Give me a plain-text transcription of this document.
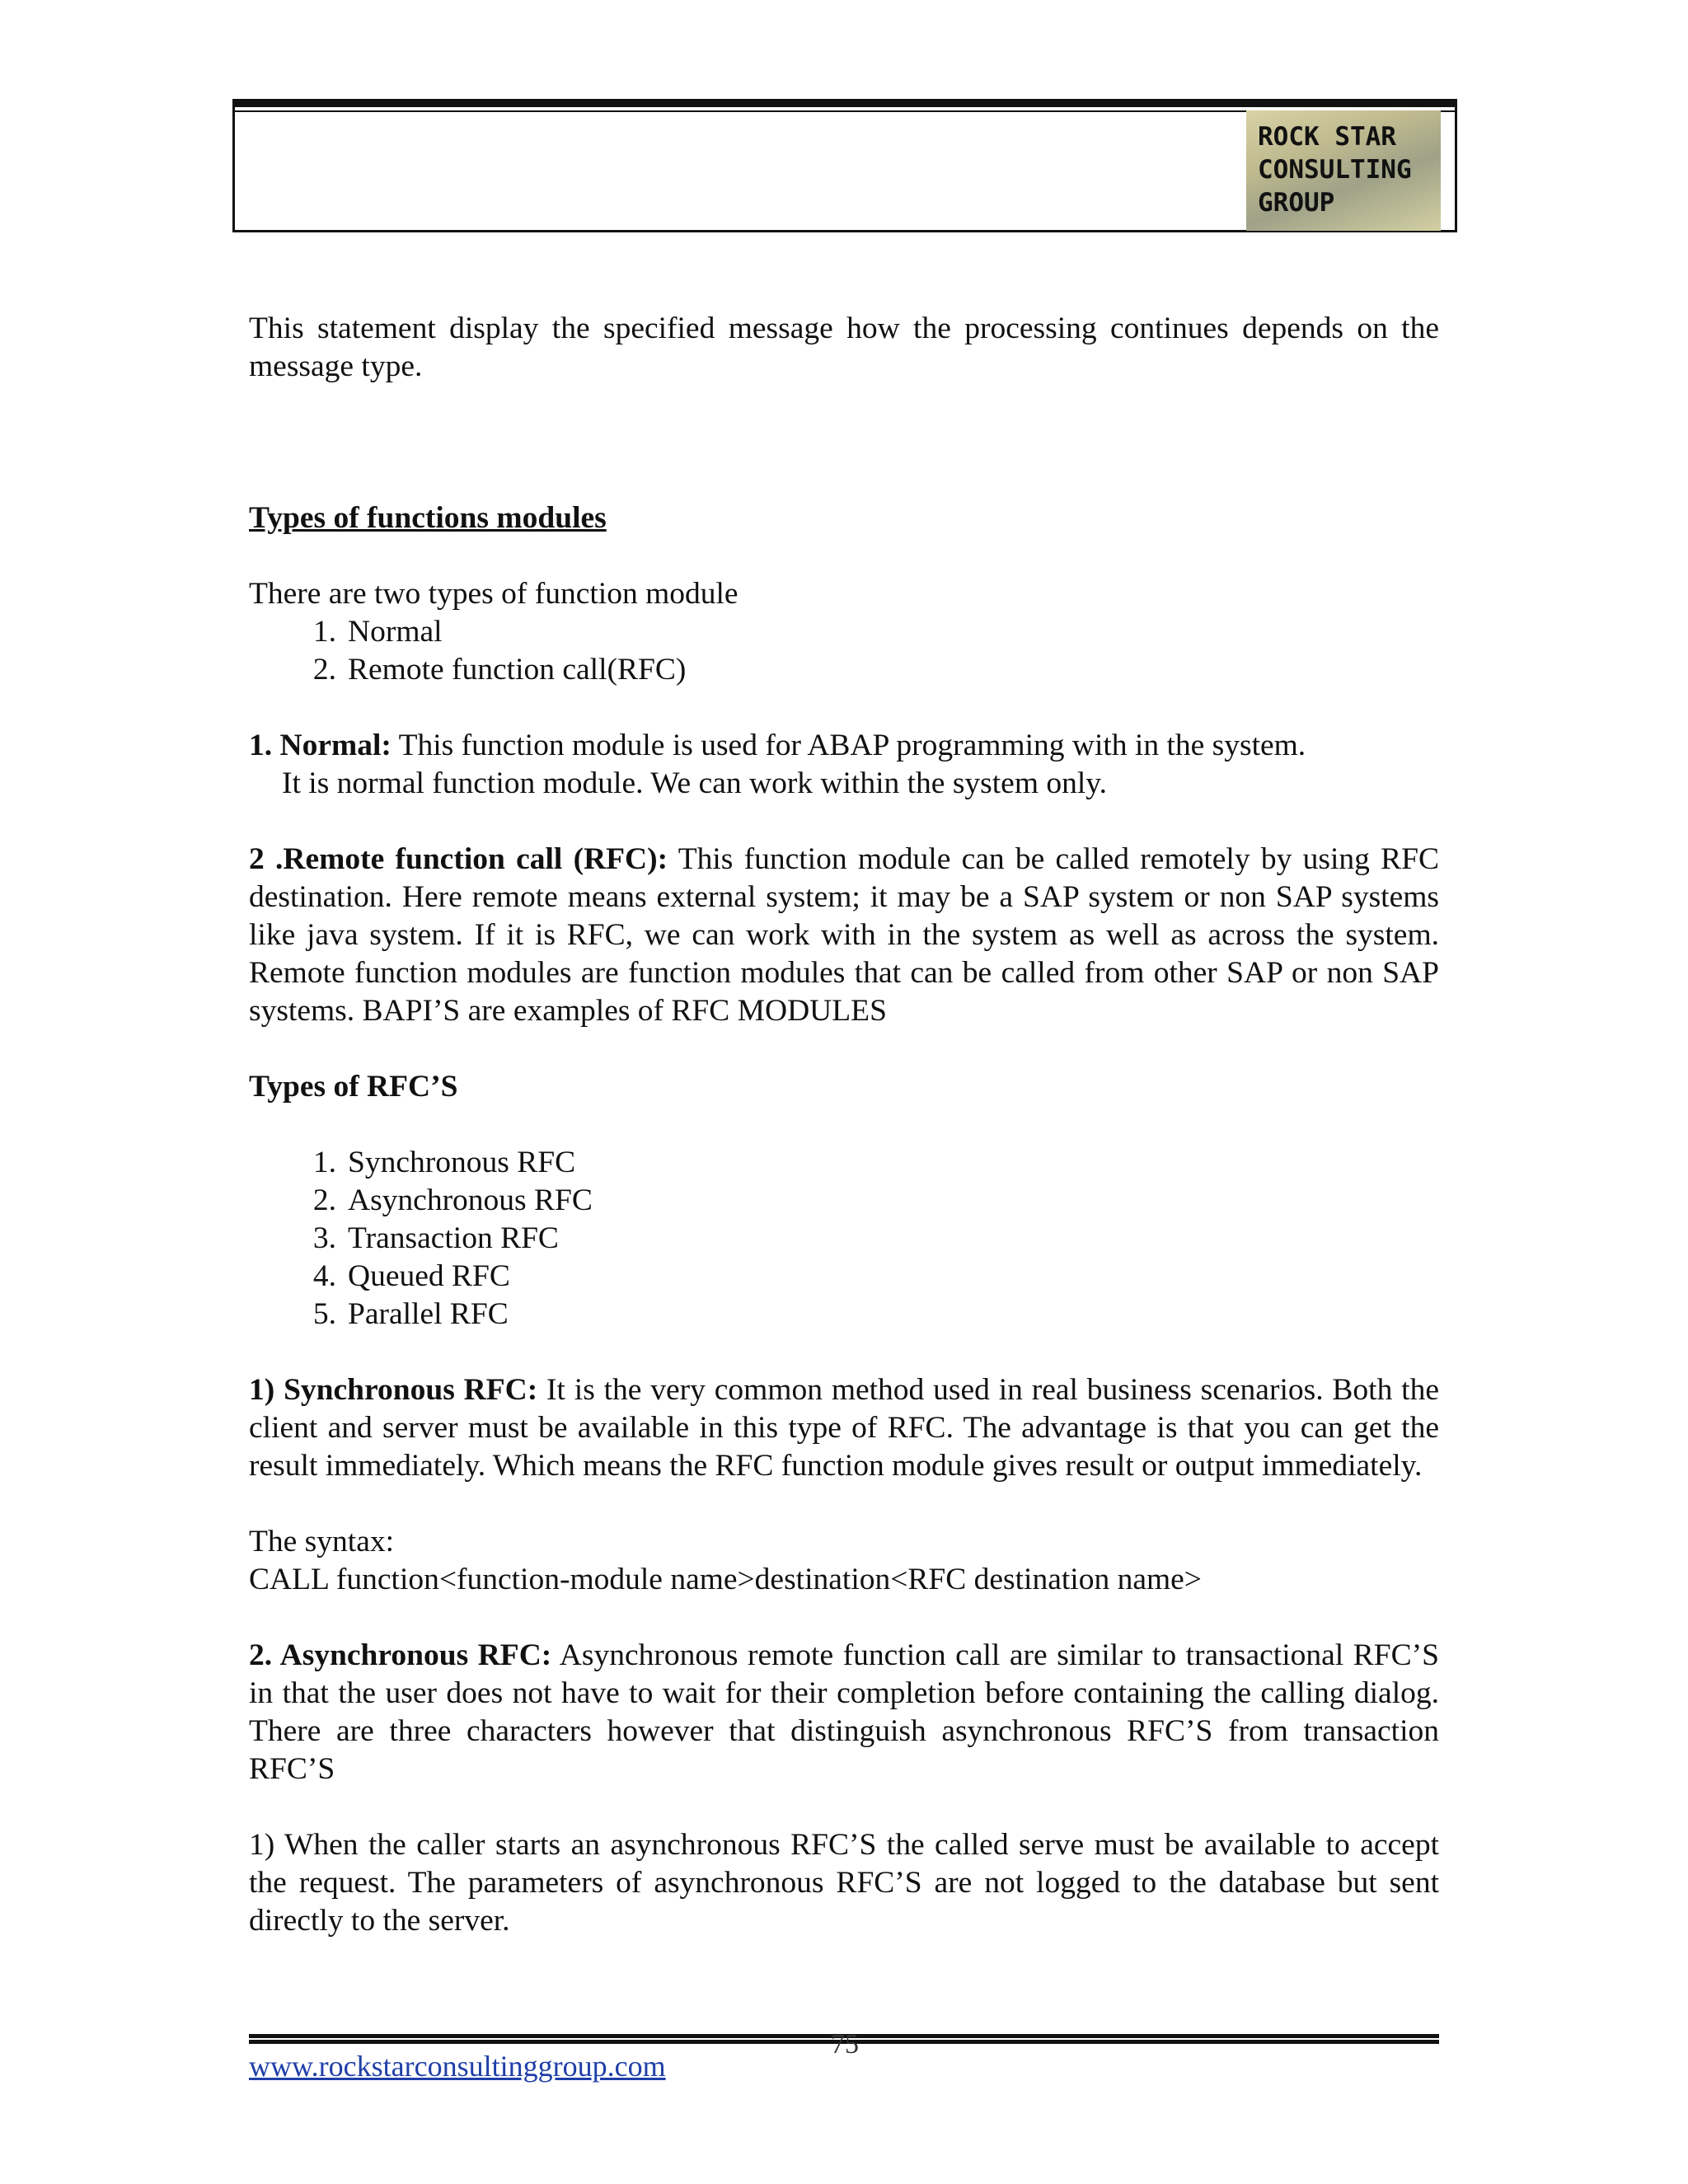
ROCK STAR
CONSULTING
GROUP

This statement display the specified message how the processing continues depends on the message type.

Types of functions modules

There are two types of function module

1. Normal
2. Remote function call(RFC)

1. Normal: This function module is used for ABAP programming with in the system.

It is normal function module. We can work within the system only.

2 .Remote function call (RFC): This function module can be called remotely by using RFC destination. Here remote means external system; it may be a SAP system or non SAP systems like java system. If it is RFC, we can work with in the system as well as across the system. Remote function modules are function modules that can be called from other SAP or non SAP systems. BAPI’S are examples of RFC MODULES

Types of RFC’S

1. Synchronous RFC
2. Asynchronous RFC
3. Transaction RFC
4. Queued RFC
5. Parallel RFC

1) Synchronous RFC: It is the very common method used in real business scenarios. Both the client and server must be available in this type of RFC. The advantage is that you can get the result immediately. Which means the RFC function module gives result or output immediately.

The syntax:

CALL function<function-module name>destination<RFC destination name>

2. Asynchronous RFC: Asynchronous remote function call are similar to transactional RFC’S in that the user does not have to wait for their completion before containing the calling dialog. There are three characters however that distinguish asynchronous RFC’S from transaction RFC’S

1) When the caller starts an asynchronous RFC’S the called serve must be available to accept the request. The parameters of asynchronous RFC’S are not logged to the database but sent directly to the server.

75
www.rockstarconsultinggroup.com
